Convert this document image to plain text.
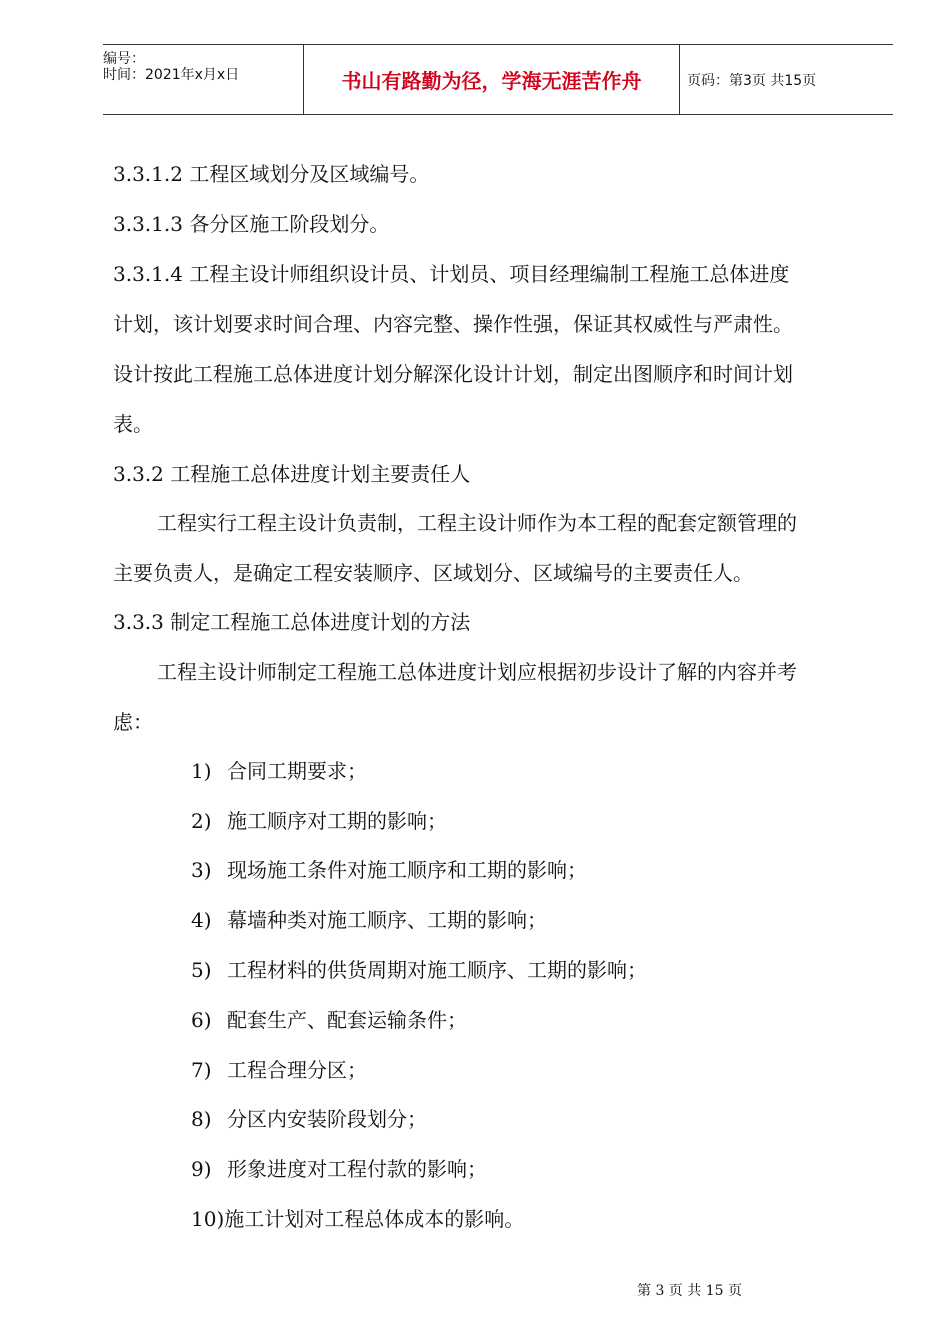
编号：
时间：2021年x月x日	书山有路勤为径，学海无涯苦作舟	页码：第3页 共15页
3.3.1.2 工程区域划分及区域编号。
3.3.1.3 各分区施工阶段划分。
3.3.1.4 工程主设计师组织设计员、计划员、项目经理编制工程施工总体进度
计划，该计划要求时间合理、内容完整、操作性强，保证其权威性与严肃性。
设计按此工程施工总体进度计划分解深化设计计划，制定出图顺序和时间计划
表。
3.3.2 工程施工总体进度计划主要责任人
工程实行工程主设计负责制，工程主设计师作为本工程的配套定额管理的
主要负责人，是确定工程安装顺序、区域划分、区域编号的主要责任人。
3.3.3 制定工程施工总体进度计划的方法
工程主设计师制定工程施工总体进度计划应根据初步设计了解的内容并考
虑：
1) 合同工期要求；
2) 施工顺序对工期的影响；
3) 现场施工条件对施工顺序和工期的影响；
4) 幕墙种类对施工顺序、工期的影响；
5) 工程材料的供货周期对施工顺序、工期的影响；
6) 配套生产、配套运输条件；
7) 工程合理分区；
8) 分区内安装阶段划分；
9) 形象进度对工程付款的影响；
10)施工计划对工程总体成本的影响。
第 3 页 共 15 页
